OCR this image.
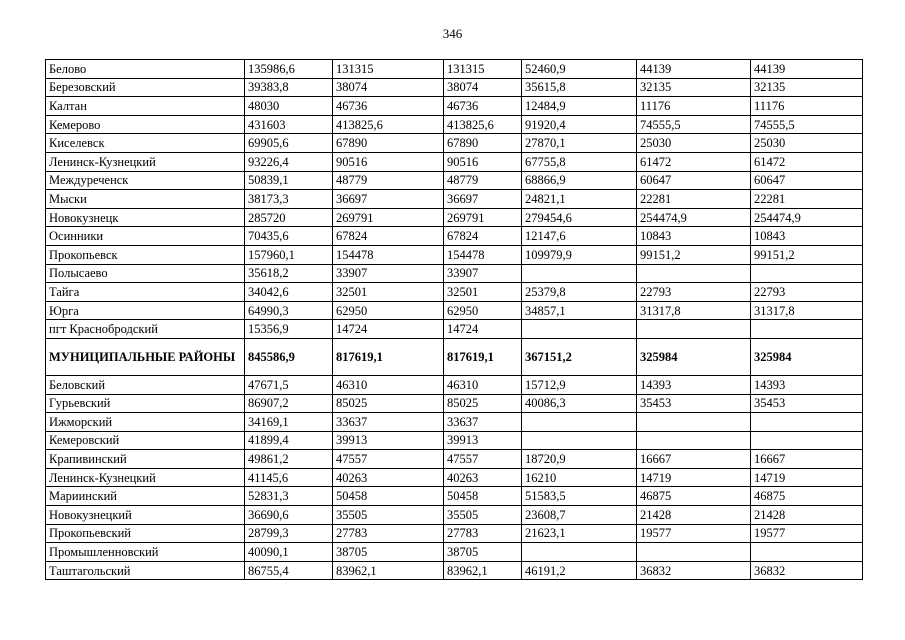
346
Белово	135986,6	131315	131315	52460,9	44139	44139
Березовский	39383,8	38074	38074	35615,8	32135	32135
Калтан	48030	46736	46736	12484,9	11176	11176
Кемерово	431603	413825,6	413825,6	91920,4	74555,5	74555,5
Киселевск	69905,6	67890	67890	27870,1	25030	25030
Ленинск-Кузнецкий	93226,4	90516	90516	67755,8	61472	61472
Междуреченск	50839,1	48779	48779	68866,9	60647	60647
Мыски	38173,3	36697	36697	24821,1	22281	22281
Новокузнецк	285720	269791	269791	279454,6	254474,9	254474,9
Осинники	70435,6	67824	67824	12147,6	10843	10843
Прокопьевск	157960,1	154478	154478	109979,9	99151,2	99151,2
Полысаево	35618,2	33907	33907			
Тайга	34042,6	32501	32501	25379,8	22793	22793
Юрга	64990,3	62950	62950	34857,1	31317,8	31317,8
пгт Краснобродский	15356,9	14724	14724			
МУНИЦИПАЛЬНЫЕ РАЙОНЫ	845586,9	817619,1	817619,1	367151,2	325984	325984
Беловский	47671,5	46310	46310	15712,9	14393	14393
Гурьевский	86907,2	85025	85025	40086,3	35453	35453
Ижморский	34169,1	33637	33637			
Кемеровский	41899,4	39913	39913			
Крапивинский	49861,2	47557	47557	18720,9	16667	16667
Ленинск-Кузнецкий	41145,6	40263	40263	16210	14719	14719
Мариинский	52831,3	50458	50458	51583,5	46875	46875
Новокузнецкий	36690,6	35505	35505	23608,7	21428	21428
Прокопьевский	28799,3	27783	27783	21623,1	19577	19577
Промышленновский	40090,1	38705	38705			
Таштагольский	86755,4	83962,1	83962,1	46191,2	36832	36832
